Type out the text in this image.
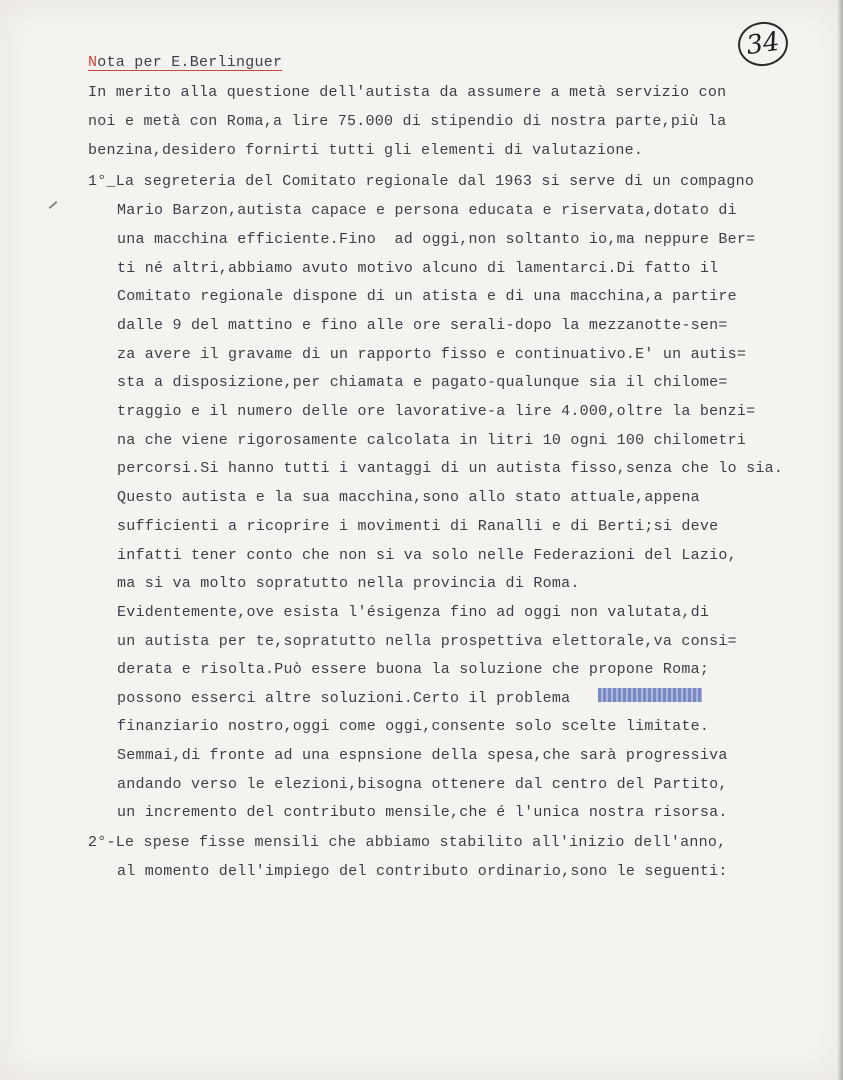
34
Nota per E.Berlinguer
In merito alla questione dell'autista da assumere a metà servizio con
noi e metà con Roma,a lire 75.000 di stipendio di nostra parte,più la
benzina,desidero fornirti tutti gli elementi di valutazione.
1°_La segreteria del Comitato regionale dal 1963 si serve di un compagno
Mario Barzon,autista capace e persona educata e riservata,dotato di
una macchina efficiente.Fino  ad oggi,non soltanto io,ma neppure Ber=
ti né altri,abbiamo avuto motivo alcuno di lamentarci.Di fatto il
Comitato regionale dispone di un atista e di una macchina,a partire
dalle 9 del mattino e fino alle ore serali-dopo la mezzanotte-sen=
za avere il gravame di un rapporto fisso e continuativo.E' un autis=
sta a disposizione,per chiamata e pagato-qualunque sia il chilome=
traggio e il numero delle ore lavorative-a lire 4.000,oltre la benzi=
na che viene rigorosamente calcolata in litri 10 ogni 100 chilometri
percorsi.Si hanno tutti i vantaggi di un autista fisso,senza che lo sia.
Questo autista e la sua macchina,sono allo stato attuale,appena
sufficienti a ricoprire i movimenti di Ranalli e di Berti;si deve
infatti tener conto che non si va solo nelle Federazioni del Lazio,
ma si va molto sopratutto nella provincia di Roma.
Evidentemente,ove esista l'ésigenza fino ad oggi non valutata,di
un autista per te,sopratutto nella prospettiva elettorale,va consi=
derata e risolta.Può essere buona la soluzione che propone Roma;
possono esserci altre soluzioni.Certo il problema
finanziario nostro,oggi come oggi,consente solo scelte limitate.
Semmai,di fronte ad una espnsione della spesa,che sarà progressiva
andando verso le elezioni,bisogna ottenere dal centro del Partito,
un incremento del contributo mensile,che é l'unica nostra risorsa.
2°-Le spese fisse mensili che abbiamo stabilito all'inizio dell'anno,
al momento dell'impiego del contributo ordinario,sono le seguenti:
